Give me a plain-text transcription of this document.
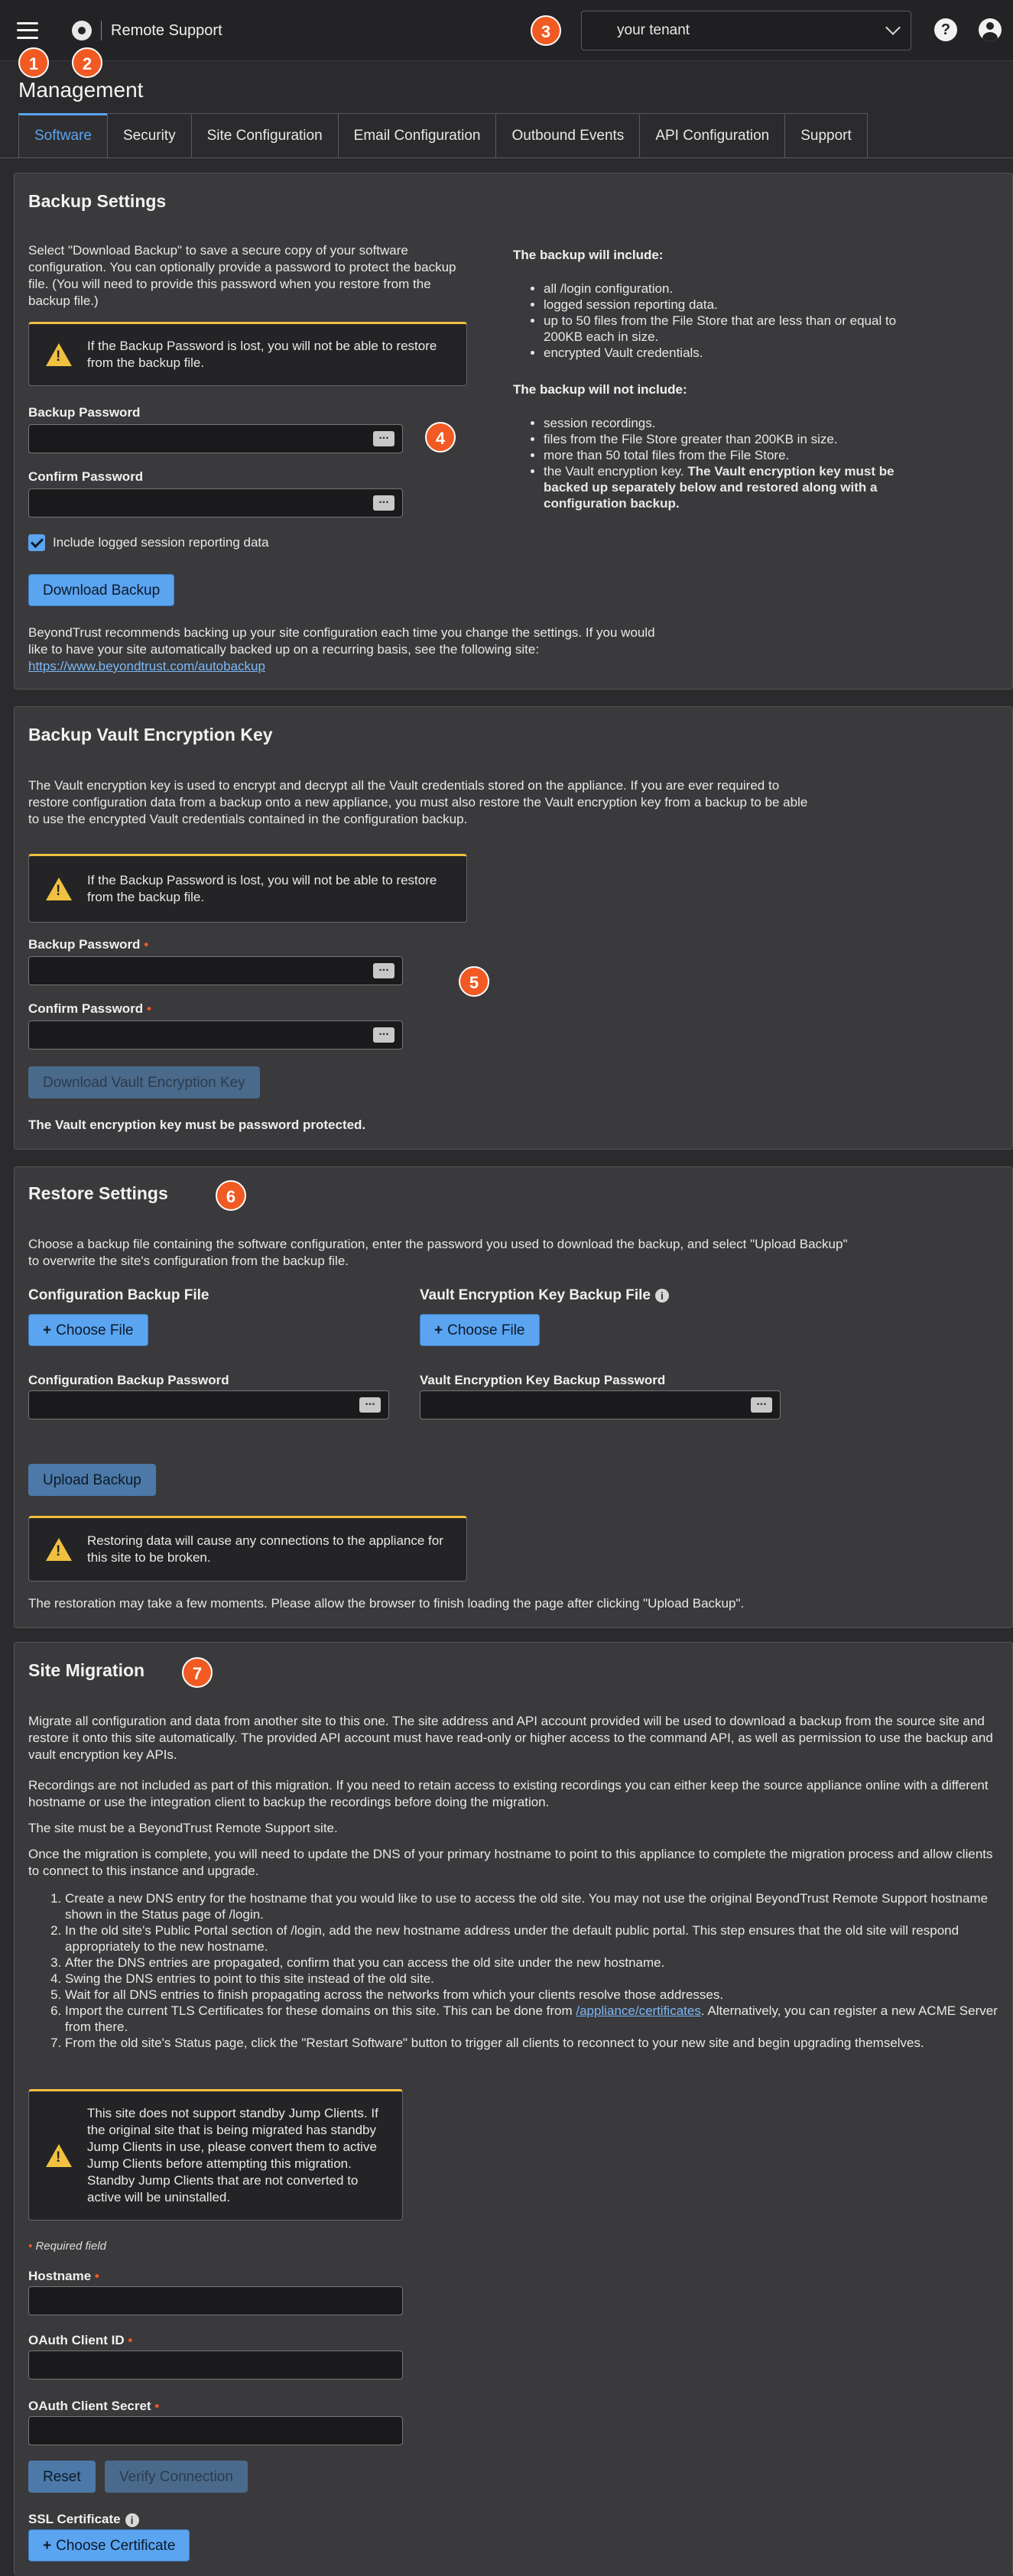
Remote Support	your tenant	?
1	2
3
Management
Software	Security	Site Configuration	Email Configuration	Outbound Events	API Configuration	Support
Backup Settings
Select "Download Backup" to save a secure copy of your software configuration. You can optionally provide a password to protect the backup file. (You will need to provide this password when you restore from the backup file.)
!
If the Backup Password is lost, you will not be able to restore from the backup file.
Backup Password
...
Confirm Password
...
Include logged session reporting data
Download Backup
BeyondTrust recommends backing up your site configuration each time you change the settings. If you would like to have your site automatically backed up on a recurring basis, see the following site: https://www.beyondtrust.com/autobackup
The backup will include:
• all /login configuration.
• logged session reporting data.
• up to 50 files from the File Store that are less than or equal to 200KB each in size.
• encrypted Vault credentials.
The backup will not include:
• session recordings.
• files from the File Store greater than 200KB in size.
• more than 50 total files from the File Store.
• the Vault encryption key. The Vault encryption key must be backed up separately below and restored along with a configuration backup.
4
Backup Vault Encryption Key
The Vault encryption key is used to encrypt and decrypt all the Vault credentials stored on the appliance. If you are ever required to restore configuration data from a backup onto a new appliance, you must also restore the Vault encryption key from a backup to be able to use the encrypted Vault credentials contained in the configuration backup.
!
If the Backup Password is lost, you will not be able to restore from the backup file.
Backup Password •
...
Confirm Password •
...
Download Vault Encryption Key
The Vault encryption key must be password protected.
5
Restore Settings
Choose a backup file containing the software configuration, enter the password you used to download the backup, and select "Upload Backup" to overwrite the site's configuration from the backup file.
Configuration Backup File
+ Choose File
Vault Encryption Key Backup File i
+ Choose File
Configuration Backup Password
...
Vault Encryption Key Backup Password
...
Upload Backup
!
Restoring data will cause any connections to the appliance for this site to be broken.
The restoration may take a few moments. Please allow the browser to finish loading the page after clicking "Upload Backup".
6
Site Migration
Migrate all configuration and data from another site to this one. The site address and API account provided will be used to download a backup from the source site and restore it onto this site automatically. The provided API account must have read-only or higher access to the command API, as well as permission to use the backup and vault encryption key APIs.
Recordings are not included as part of this migration. If you need to retain access to existing recordings you can either keep the source appliance online with a different hostname or use the integration client to backup the recordings before doing the migration.
The site must be a BeyondTrust Remote Support site.
Once the migration is complete, you will need to update the DNS of your primary hostname to point to this appliance to complete the migration process and allow clients to connect to this instance and upgrade.
1. Create a new DNS entry for the hostname that you would like to use to access the old site. You may not use the original BeyondTrust Remote Support hostname shown in the Status page of /login.
2. In the old site's Public Portal section of /login, add the new hostname address under the default public portal. This step ensures that the old site will respond appropriately to the new hostname.
3. After the DNS entries are propagated, confirm that you can access the old site under the new hostname.
4. Swing the DNS entries to point to this site instead of the old site.
5. Wait for all DNS entries to finish propagating across the networks from which your clients resolve those addresses.
6. Import the current TLS Certificates for these domains on this site. This can be done from /appliance/certificates. Alternatively, you can register a new ACME Server from there.
7. From the old site's Status page, click the "Restart Software" button to trigger all clients to reconnect to your new site and begin upgrading themselves.
!
This site does not support standby Jump Clients. If the original site that is being migrated has standby Jump Clients in use, please convert them to active Jump Clients before attempting this migration. Standby Jump Clients that are not converted to active will be uninstalled.
• Required field
Hostname •
OAuth Client ID •
OAuth Client Secret •
Reset	Verify Connection
SSL Certificate i
+ Choose Certificate
7
